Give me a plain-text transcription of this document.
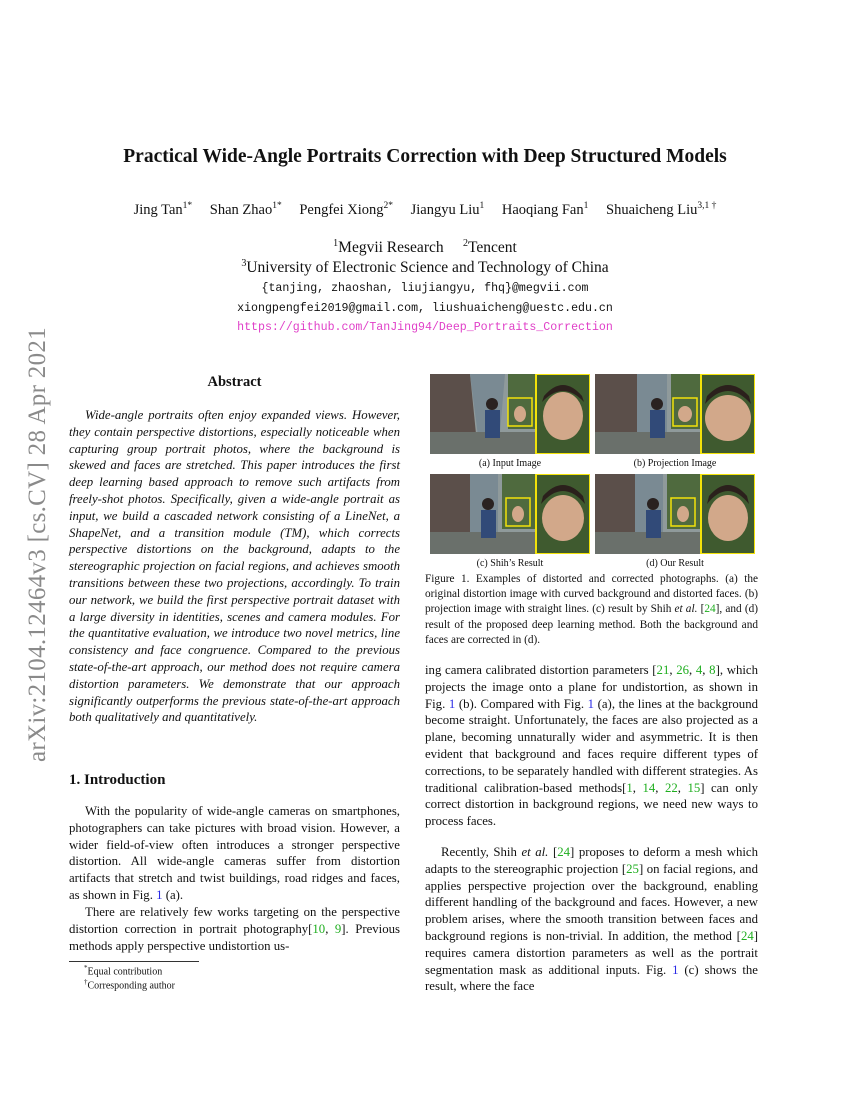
arXiv:2104.12464v3 [cs.CV] 28 Apr 2021
Practical Wide-Angle Portraits Correction with Deep Structured Models
Jing Tan$^{1*}$ Shan Zhao$^{1*}$ Pengfei Xiong$^{2*}$ Jiangyu Liu$^1$ Haoqiang Fan$^1$ Shuaicheng Liu$^{3,1 \dagger}$
$^1$Megvii Research $^2$Tencent
$^3$University of Electronic Science and Technology of China
{tanjing, zhaoshan, liujiangyu, fhq}@megvii.com
xiongpengfei2019@gmail.com, liushuaicheng@uestc.edu.cn
https://github.com/TanJing94/Deep_Portraits_Correction
Abstract
Wide-angle portraits often enjoy expanded views. However, they contain perspective distortions, especially noticeable when capturing group portrait photos, where the background is skewed and faces are stretched. This paper introduces the first deep learning based approach to remove such artifacts from freely-shot photos. Specifically, given a wide-angle portrait as input, we build a cascaded network consisting of a LineNet, a ShapeNet, and a transition module (TM), which corrects perspective distortions on the background, adapts to the stereographic projection on facial regions, and achieves smooth transitions between these two projections, accordingly. To train our network, we build the first perspective portrait dataset with a large diversity in identities, scenes and camera modules. For the quantitative evaluation, we introduce two novel metrics, line consistency and face congruence. Compared to the previous state-of-the-art approach, our method does not require camera distortion parameters. We demonstrate that our approach significantly outperforms the previous state-of-the-art approach both qualitatively and quantitatively.
1. Introduction
With the popularity of wide-angle cameras on smartphones, photographers can take pictures with broad vision. However, a wider field-of-view often introduces a stronger perspective distortion. All wide-angle cameras suffer from distortion artifacts that stretch and twist buildings, road ridges and faces, as shown in Fig. 1 (a).
There are relatively few works targeting on the perspective distortion correction in portrait photography[10, 9]. Previous methods apply perspective undistortion us-
*Equal contribution
†Corresponding author
(a) Input Image	(b) Projection Image
(c) Shih’s Result	(d) Our Result
Figure 1. Examples of distorted and corrected photographs. (a) the original distortion image with curved background and distorted faces. (b) projection image with straight lines. (c) result by Shih et al. [24], and (d) result of the proposed deep learning method. Both the background and faces are corrected in (d).
ing camera calibrated distortion parameters [21, 26, 4, 8], which projects the image onto a plane for undistortion, as shown in Fig. 1 (b). Compared with Fig. 1 (a), the lines at the background become straight. Unfortunately, the faces are also projected as a plane, becoming unnaturally wider and asymmetric. It is then evident that background and faces require different types of corrections, to be separately handled with different strategies. As traditional calibration-based methods[1, 14, 22, 15] can only correct distortion in background regions, we need new ways to process faces.
Recently, Shih et al. [24] proposes to deform a mesh which adapts to the stereographic projection [25] on facial regions, and applies perspective projection over the background, enabling different handling of the background and faces. However, a new problem arises, where the smooth transition between faces and background regions is non-trivial. In addition, the method [24] requires camera distortion parameters as well as the portrait segmentation mask as additional inputs. Fig. 1 (c) shows the result, where the face
